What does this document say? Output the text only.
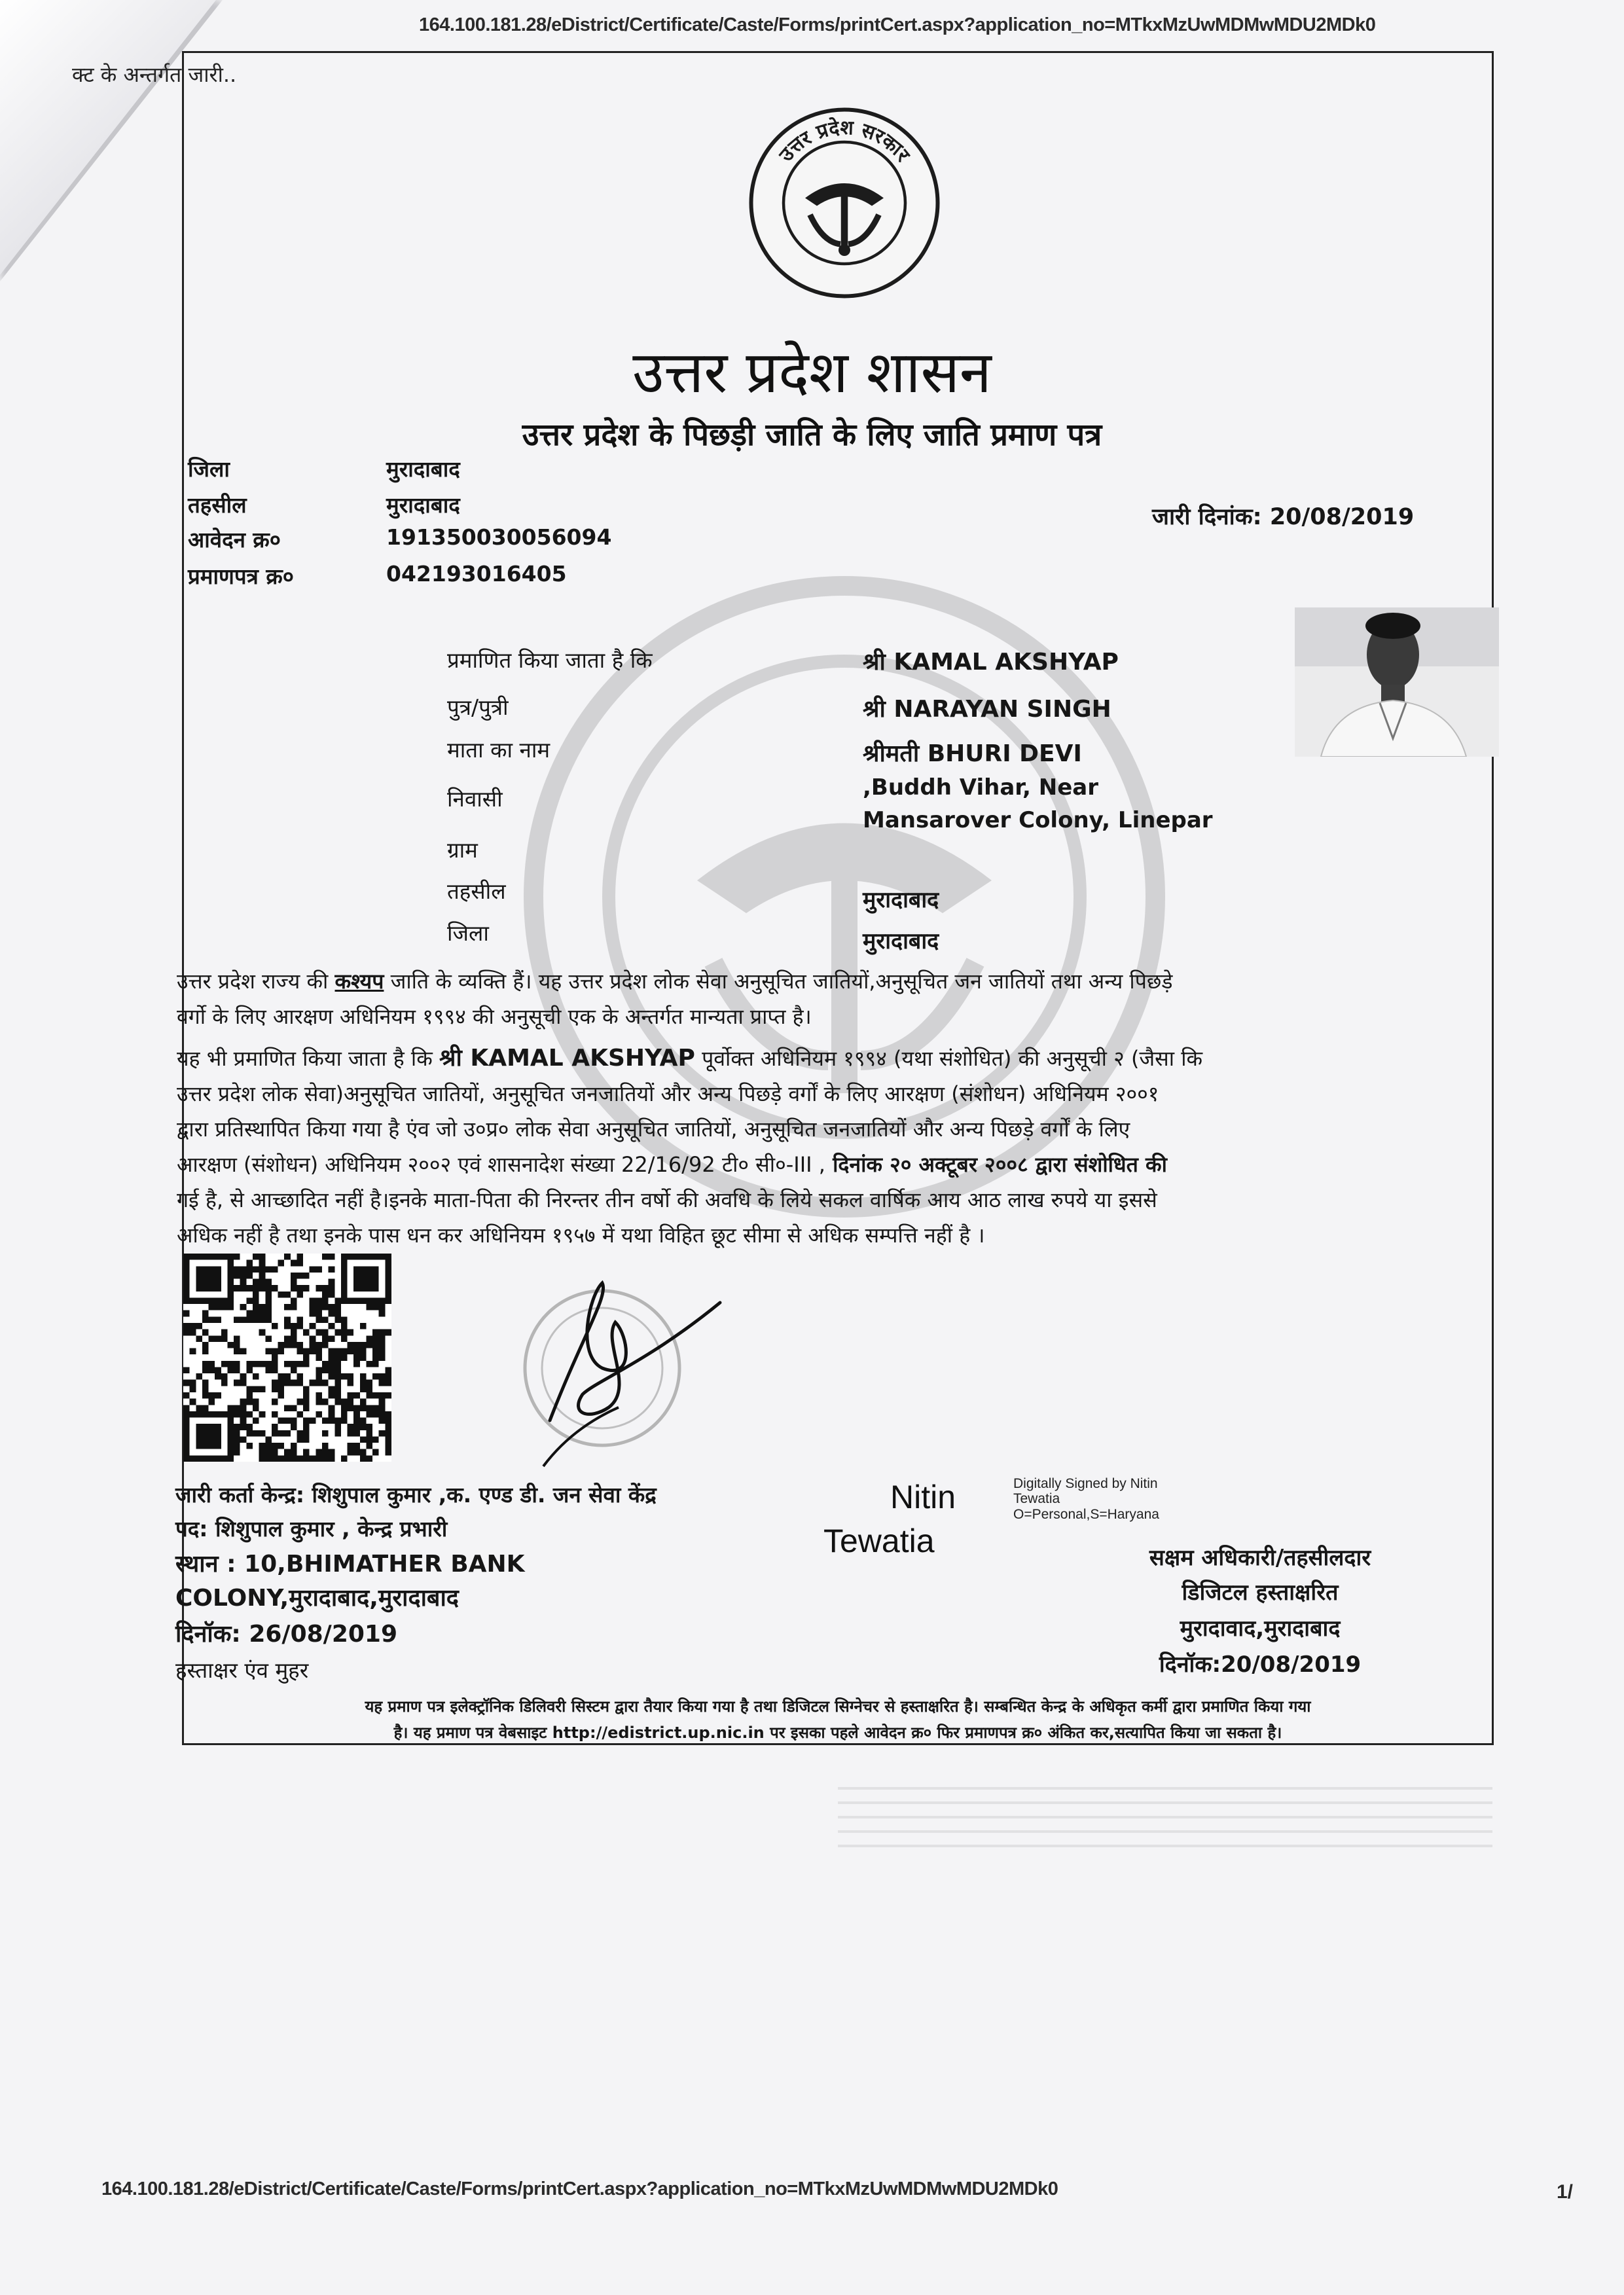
164.100.181.28/eDistrict/Certificate/Caste/Forms/printCert.aspx?application_no=MTkxMzUwMDMwMDU2MDk0
क्ट के अन्तर्गत जारी..
उत्तर प्रदेश सरकार
उत्तर प्रदेश शासन
उत्तर प्रदेश के पिछड़ी जाति के लिए जाति प्रमाण पत्र
जिला	मुरादाबाद
तहसील	मुरादाबाद
आवेदन क्र०	191350030056094
प्रमाणपत्र क्र०	042193016405
जारी दिनांक: 20/08/2019
प्रमाणित किया जाता है कि	श्री KAMAL AKSHYAP
पुत्र/पुत्री	श्री NARAYAN SINGH
माता का नाम	श्रीमती BHURI DEVI
निवासी	,Buddh Vihar, Near
Mansarover Colony, Linepar
ग्राम
तहसील	मुरादाबाद
जिला	मुरादाबाद
उत्तर प्रदेश राज्य की कश्यप जाति के व्यक्ति हैं। यह उत्तर प्रदेश लोक सेवा अनुसूचित जातियों,अनुसूचित जन जातियों तथा अन्य पिछड़े
वर्गो के लिए आरक्षण अधिनियम १९९४ की अनुसूची एक के अन्तर्गत मान्यता प्राप्त है।
यह भी प्रमाणित किया जाता है कि श्री KAMAL AKSHYAP पूर्वोक्त अधिनियम १९९४ (यथा संशोधित) की अनुसूची २ (जैसा कि
उत्तर प्रदेश लोक सेवा)अनुसूचित जातियों, अनुसूचित जनजातियों और अन्य पिछड़े वर्गों के लिए आरक्षण (संशोधन) अधिनियम २००१
द्वारा प्रतिस्थापित किया गया है एंव जो उ०प्र० लोक सेवा अनुसूचित जातियों, अनुसूचित जनजातियों और अन्य पिछड़े वर्गों के लिए
आरक्षण (संशोधन) अधिनियम २००२ एवं शासनादेश संख्या 22/16/92 टी० सी०-III , दिनांक २० अक्टूबर २००८ द्वारा संशोधित की
गई है, से आच्छादित नहीं है।इनके माता-पिता की निरन्तर तीन वर्षो की अवधि के लिये सकल वार्षिक आय आठ लाख रुपये या इससे
अधिक नहीं है तथा इनके पास धन कर अधिनियम १९५७ में यथा विहित छूट सीमा से अधिक सम्पत्ति नहीं है ।
जारी कर्ता केन्द्र: शिशुपाल कुमार ,क. एण्ड डी. जन सेवा केंद्र
पद: शिशुपाल कुमार , केन्द्र प्रभारी
स्थान : 10,BHIMATHER BANK
COLONY,मुरादाबाद,मुरादाबाद
दिनॉक: 26/08/2019
हस्ताक्षर एंव मुहर
Nitin
Tewatia
Digitally Signed by Nitin
Tewatia
O=Personal,S=Haryana
सक्षम अधिकारी/तहसीलदार
डिजिटल हस्ताक्षरित
मुरादावाद,मुरादाबाद
दिनॉक:20/08/2019
यह प्रमाण पत्र इलेक्ट्रॉनिक डिलिवरी सिस्टम द्वारा तैयार किया गया है तथा डिजिटल सिग्नेचर से हस्ताक्षरित है। सम्बन्धित केन्द्र के अधिकृत कर्मी द्वारा प्रमाणित किया गया
है। यह प्रमाण पत्र वेबसाइट http://edistrict.up.nic.in पर इसका पहले आवेदन क्र० फिर प्रमाणपत्र क्र० अंकित कर,सत्यापित किया जा सकता है।
164.100.181.28/eDistrict/Certificate/Caste/Forms/printCert.aspx?application_no=MTkxMzUwMDMwMDU2MDk0	1/
